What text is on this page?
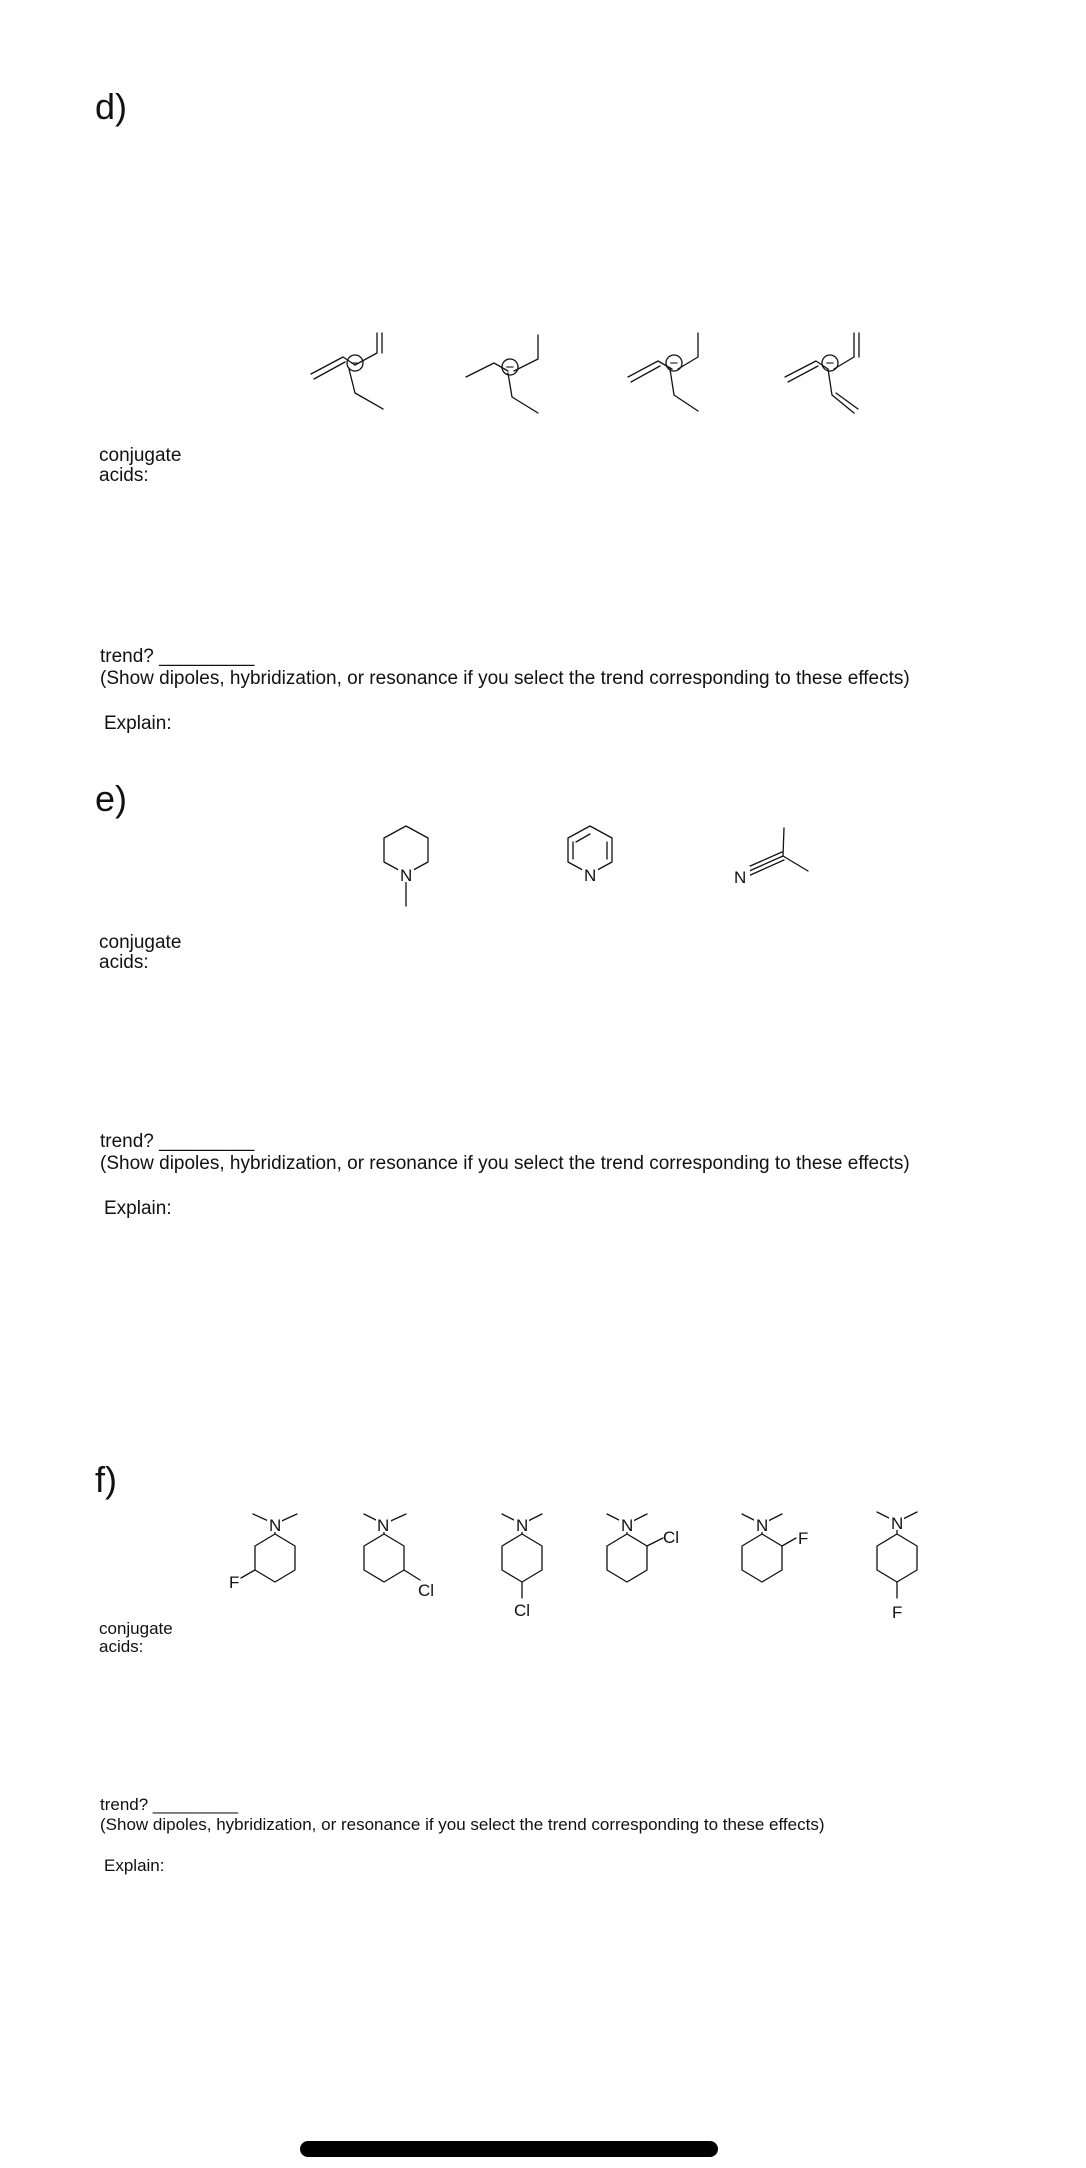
d)
−	−	−	−
conjugate
acids:
trend? _________
(Show dipoles, hybridization, or resonance if you select the trend corresponding to these effects)
Explain:
e)
N	N	N
conjugate
acids:
trend? _________
(Show dipoles, hybridization, or resonance if you select the trend corresponding to these effects)
Explain:
f)
N
F
N
Cl
N
Cl
N
Cl
N
F
N
F
conjugate
acids:
trend? _________
(Show dipoles, hybridization, or resonance if you select the trend corresponding to these effects)
Explain:
